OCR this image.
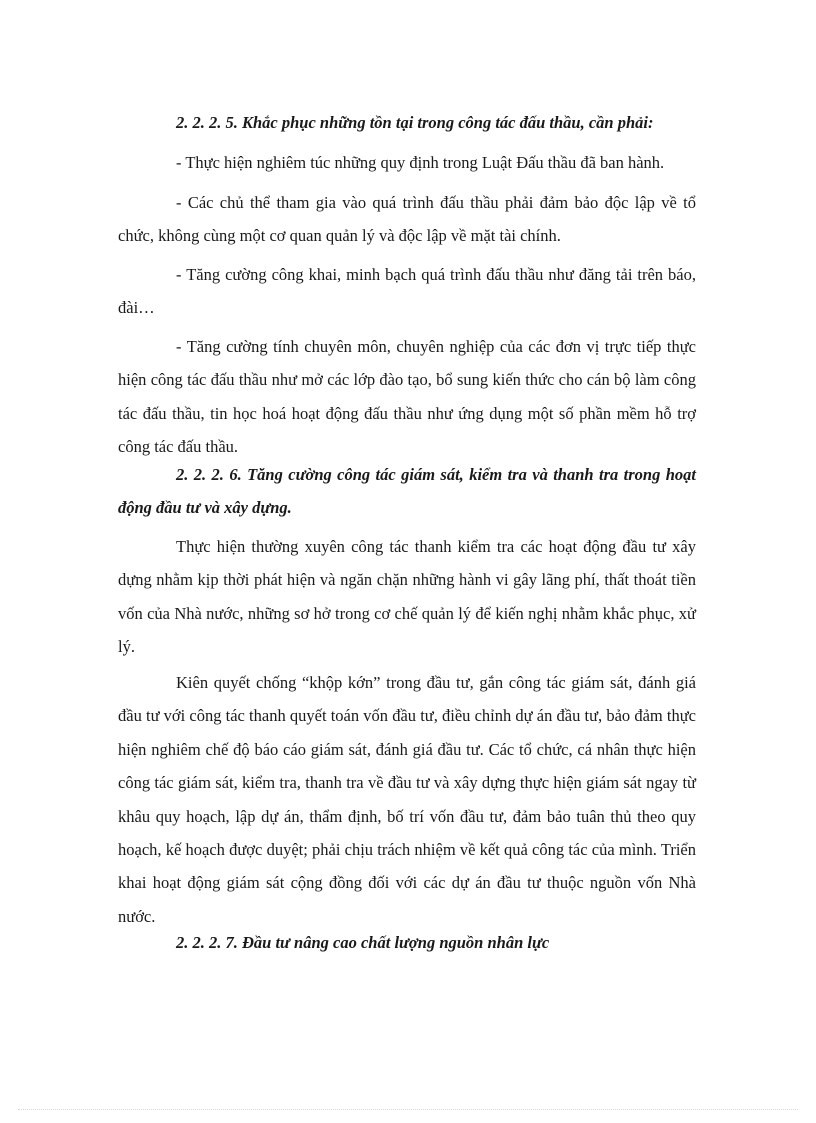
2. 2. 2. 5. Khắc phục những tồn tại trong công tác đấu thầu, cần phải:

- Thực hiện nghiêm túc những quy định trong Luật Đấu thầu đã ban hành.

- Các chủ thể tham gia vào quá trình đấu thầu phải đảm bảo độc lập về tổ chức, không cùng một cơ quan quản lý và độc lập về mặt tài chính.

- Tăng cường công khai, minh bạch quá trình đấu thầu như đăng tải trên báo, đài…

- Tăng cường tính chuyên môn, chuyên nghiệp của các đơn vị trực tiếp thực hiện công tác đấu thầu như mở các lớp đào tạo, bổ sung kiến thức cho cán bộ làm công tác đấu thầu, tin học hoá hoạt động đấu thầu như ứng dụng một số phần mềm hỗ trợ công tác đấu thầu.

2. 2. 2. 6. Tăng cường công tác giám sát, kiểm tra và thanh tra trong hoạt động đầu tư và xây dựng.

Thực hiện thường xuyên công tác thanh kiểm tra các hoạt động đầu tư xây dựng nhằm kịp thời phát hiện và ngăn chặn những hành vi gây lãng phí, thất thoát tiền vốn của Nhà nước, những sơ hở trong cơ chế quản lý để kiến nghị nhằm khắc phục, xử lý.

Kiên quyết chống “khộp kớn” trong đầu tư, gắn công tác giám sát, đánh giá đầu tư với công tác thanh quyết toán vốn đầu tư, điều chỉnh dự án đầu tư, bảo đảm thực hiện nghiêm chế độ báo cáo giám sát, đánh giá đầu tư. Các tổ chức, cá nhân thực hiện công tác giám sát, kiểm tra, thanh tra về đầu tư và xây dựng thực hiện giám sát ngay từ khâu quy hoạch, lập dự án, thẩm định, bố trí vốn đầu tư, đảm bảo tuân thủ theo quy hoạch, kế hoạch được duyệt; phải chịu trách nhiệm về kết quả công tác của mình. Triển khai hoạt động giám sát cộng đồng đối với các dự án đầu tư thuộc nguồn vốn Nhà nước.

2. 2. 2. 7. Đầu tư nâng cao chất lượng nguồn nhân lực
